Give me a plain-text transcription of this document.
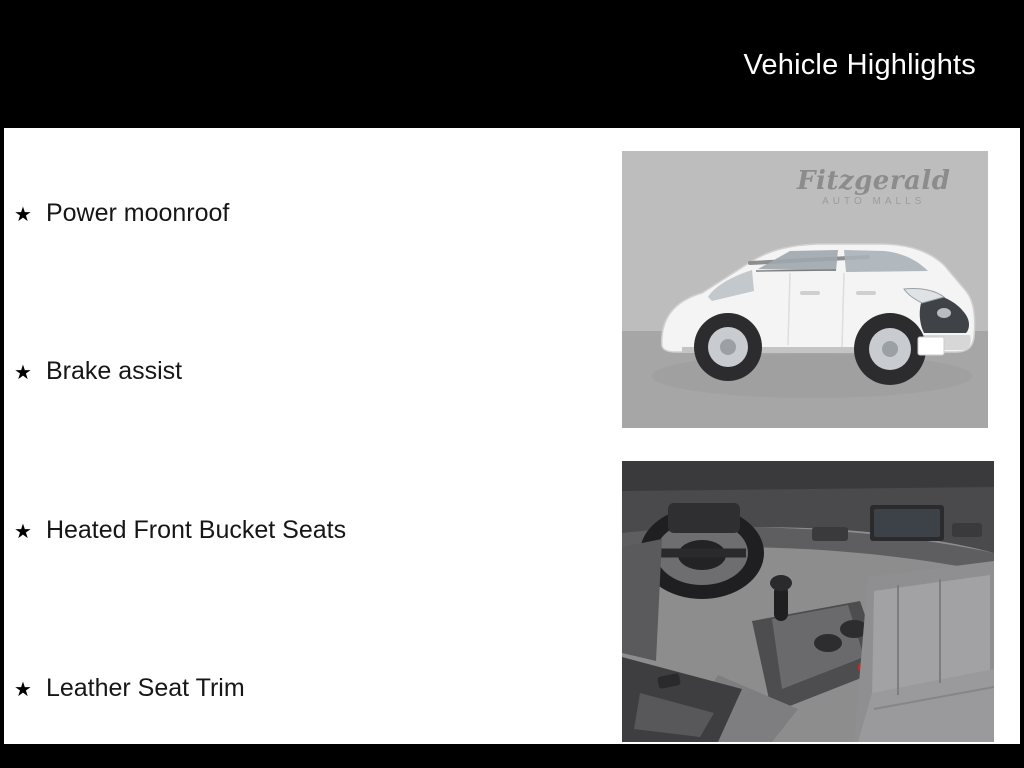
Vehicle Highlights
★ Power moonroof
★ Brake assist
★ Heated Front Bucket Seats
★ Leather Seat Trim
Fitzgerald
AUTO MALLS
